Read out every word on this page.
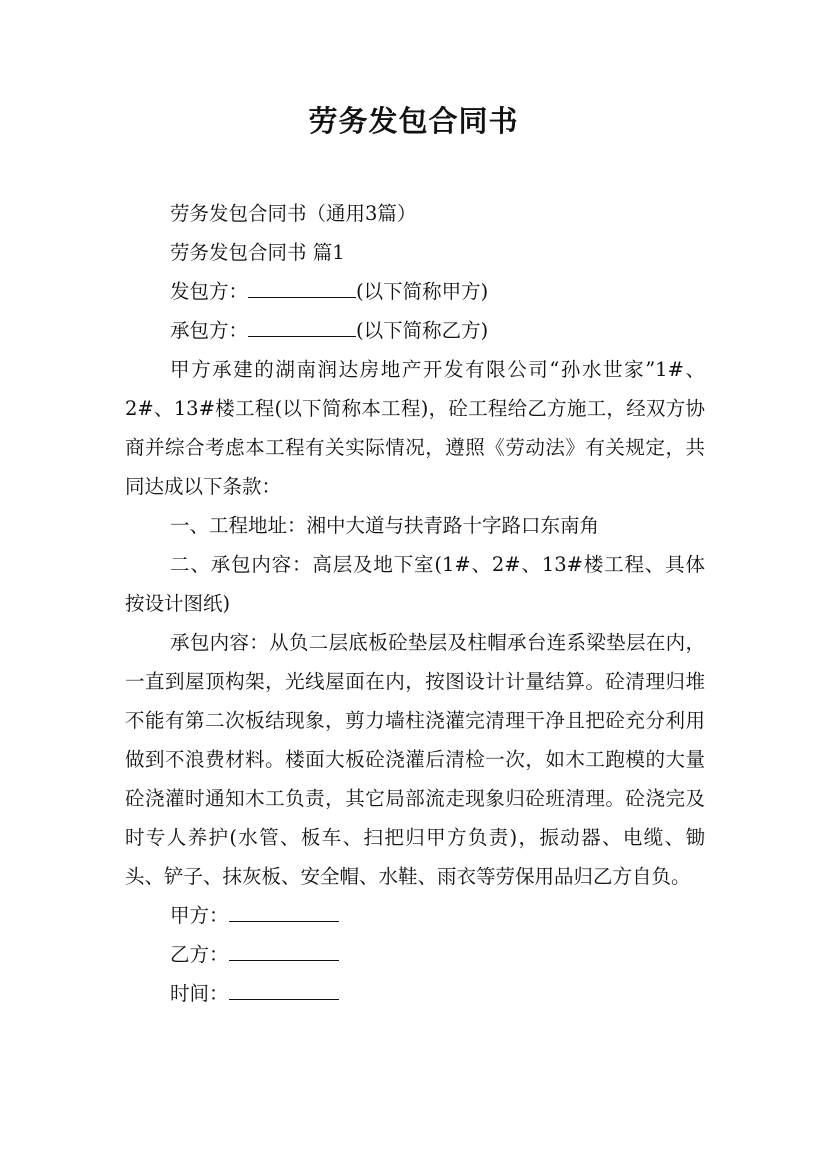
劳务发包合同书

劳务发包合同书（通用3篇）

劳务发包合同书 篇1

发包方：	(以下简称甲方)

承包方：	(以下简称乙方)

甲方承建的湖南润达房地产开发有限公司“孙水世家”1#、2#、13#楼工程(以下简称本工程)，砼工程给乙方施工，经双方协商并综合考虑本工程有关实际情况，遵照《劳动法》有关规定，共同达成以下条款：

一、工程地址：湘中大道与扶青路十字路口东南角

二、承包内容：高层及地下室(1#、2#、13#楼工程、具体按设计图纸)

承包内容：从负二层底板砼垫层及柱帽承台连系梁垫层在内，一直到屋顶构架，光线屋面在内，按图设计计量结算。砼清理归堆不能有第二次板结现象，剪力墙柱浇灌完清理干净且把砼充分利用做到不浪费材料。楼面大板砼浇灌后清检一次，如木工跑模的大量砼浇灌时通知木工负责，其它局部流走现象归砼班清理。砼浇完及时专人养护(水管、板车、扫把归甲方负责)，振动器、电缆、锄头、铲子、抹灰板、安全帽、水鞋、雨衣等劳保用品归乙方自负。

甲方：

乙方：

时间：
